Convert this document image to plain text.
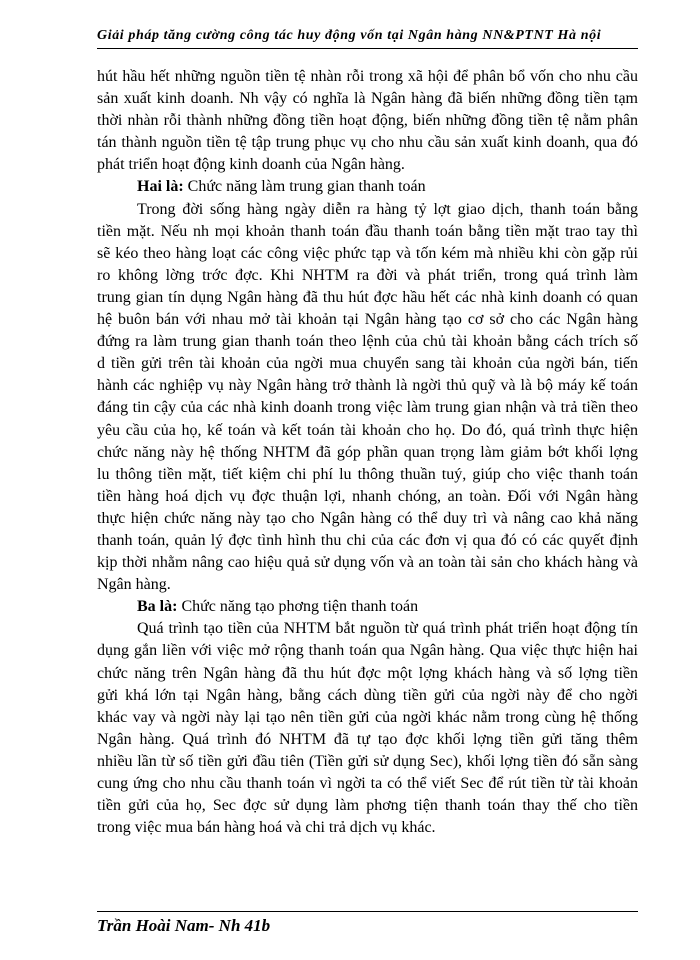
Giải pháp tăng cường công tác huy động vốn tại Ngân hàng NN&PTNT Hà nội
hút hầu hết những nguồn tiền tệ nhàn rỗi trong xã hội để phân bổ vốn cho nhu cầu
sản xuất kinh doanh. Nh vậy có nghĩa là Ngân hàng đã biến những đồng tiền tạm
thời nhàn rỗi thành những đồng tiền hoạt động, biến những đồng tiền tệ nằm phân
tán thành nguồn tiền tệ tập trung phục vụ cho nhu cầu sản xuất kinh doanh, qua đó
phát triển hoạt động kinh doanh của Ngân hàng.
Hai là: Chức năng làm trung gian thanh toán
Trong đời sống hàng ngày diễn ra hàng tỷ lợt giao dịch, thanh toán bằng
tiền mặt. Nếu nh mọi khoản thanh toán đầu thanh toán bằng tiền mặt trao tay thì
sẽ kéo theo hàng loạt các công việc phức tạp và tốn kém mà nhiều khi còn gặp rủi
ro không lờng trớc đợc. Khi NHTM ra đời và phát triển, trong quá trình làm
trung gian tín dụng Ngân hàng đã thu hút đợc hầu hết các nhà kinh doanh có quan
hệ buôn bán với nhau mở tài khoản tại Ngân hàng tạo cơ sở cho các Ngân hàng
đứng ra làm trung gian thanh toán theo lệnh của chủ tài khoản bằng cách trích số
d tiền gửi trên tài khoản của ngời mua chuyển sang tài khoản của ngời bán, tiến
hành các nghiệp vụ này Ngân hàng trở thành là ngời thủ quỹ và là bộ máy kế toán
đáng tin cậy của các nhà kinh doanh trong việc làm trung gian nhận và trả tiền theo
yêu cầu của họ, kế toán và kết toán tài khoản cho họ. Do đó, quá trình thực hiện
chức năng này hệ thống NHTM đã góp phần quan trọng làm giảm bớt khối lợng
lu thông tiền mặt, tiết kiệm chi phí lu thông thuần tuý, giúp cho việc thanh toán
tiền hàng hoá dịch vụ đợc thuận lợi, nhanh chóng, an toàn. Đối với Ngân hàng
thực hiện chức năng này tạo cho Ngân hàng có thể duy trì và nâng cao khả năng
thanh toán, quản lý đợc tình hình thu chi của các đơn vị qua đó có các quyết định
kịp thời nhằm nâng cao hiệu quả sử dụng vốn và an toàn tài sản cho khách hàng và
Ngân hàng.
Ba là: Chức năng tạo phơng tiện thanh toán
Quá trình tạo tiền của NHTM bắt nguồn từ quá trình phát triển hoạt động tín
dụng gắn liền với việc mở rộng thanh toán qua Ngân hàng. Qua việc thực hiện hai
chức năng trên Ngân hàng đã thu hút đợc một lợng khách hàng và số lợng tiền
gửi khá lớn tại Ngân hàng, bằng cách dùng tiền gửi của ngời này để cho ngời
khác vay và ngời này lại tạo nên tiền gửi của ngời khác nằm trong cùng hệ thống
Ngân hàng. Quá trình đó NHTM đã tự tạo đợc khối lợng tiền gửi tăng thêm
nhiều lần từ số tiền gửi đầu tiên (Tiền gửi sử dụng Sec), khối lợng tiền đó sẵn sàng
cung ứng cho nhu cầu thanh toán vì ngời ta có thể viết Sec để rút tiền từ tài khoản
tiền gửi của họ, Sec đợc sử dụng làm phơng tiện thanh toán thay thế cho tiền
trong việc mua bán hàng hoá và chi trả dịch vụ khác.
Trần Hoài Nam- Nh 41b
